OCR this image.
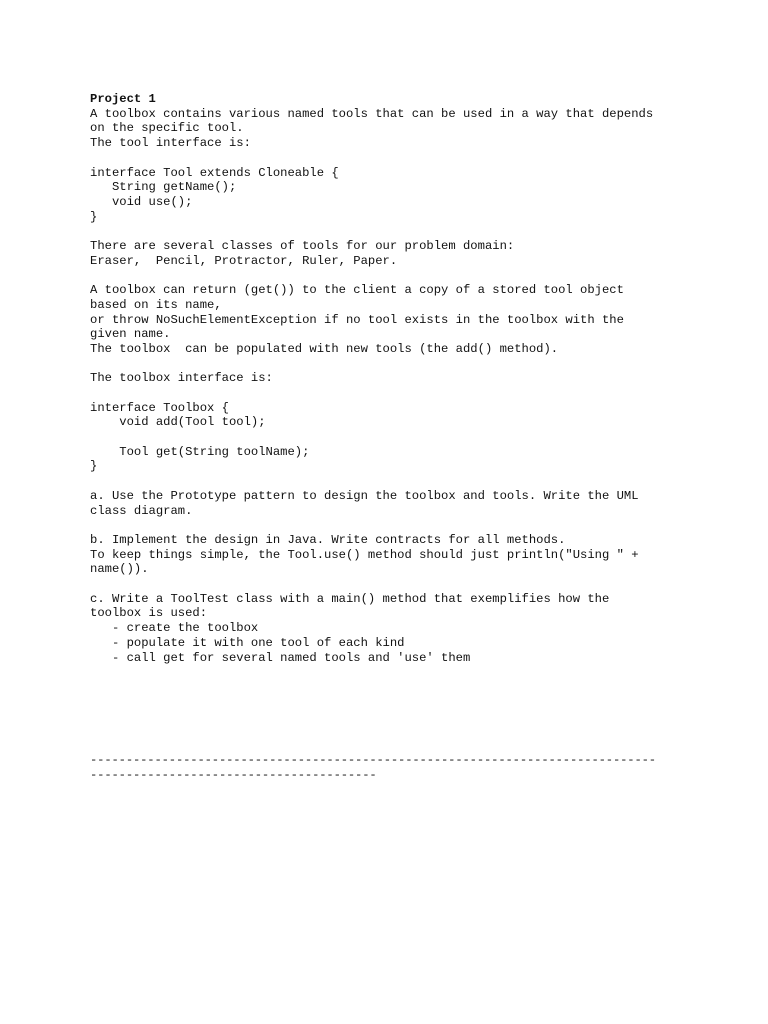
Project 1
A toolbox contains various named tools that can be used in a way that depends
on the specific tool.
The tool interface is:
interface Tool extends Cloneable {
String getName();
void use();
}
There are several classes of tools for our problem domain:
Eraser,  Pencil, Protractor, Ruler, Paper.
A toolbox can return (get()) to the client a copy of a stored tool object
based on its name,
or throw NoSuchElementException if no tool exists in the toolbox with the
given name.
The toolbox  can be populated with new tools (the add() method).
The toolbox interface is:
interface Toolbox {
void add(Tool tool);
Tool get(String toolName);
}
a. Use the Prototype pattern to design the toolbox and tools. Write the UML
class diagram.
b. Implement the design in Java. Write contracts for all methods.
To keep things simple, the Tool.use() method should just println("Using " +
name()).
c. Write a ToolTest class with a main() method that exemplifies how the
toolbox is used:
- create the toolbox
- populate it with one tool of each kind
- call get for several named tools and 'use' them
-------------------------------------------------------------------------------
----------------------------------------
